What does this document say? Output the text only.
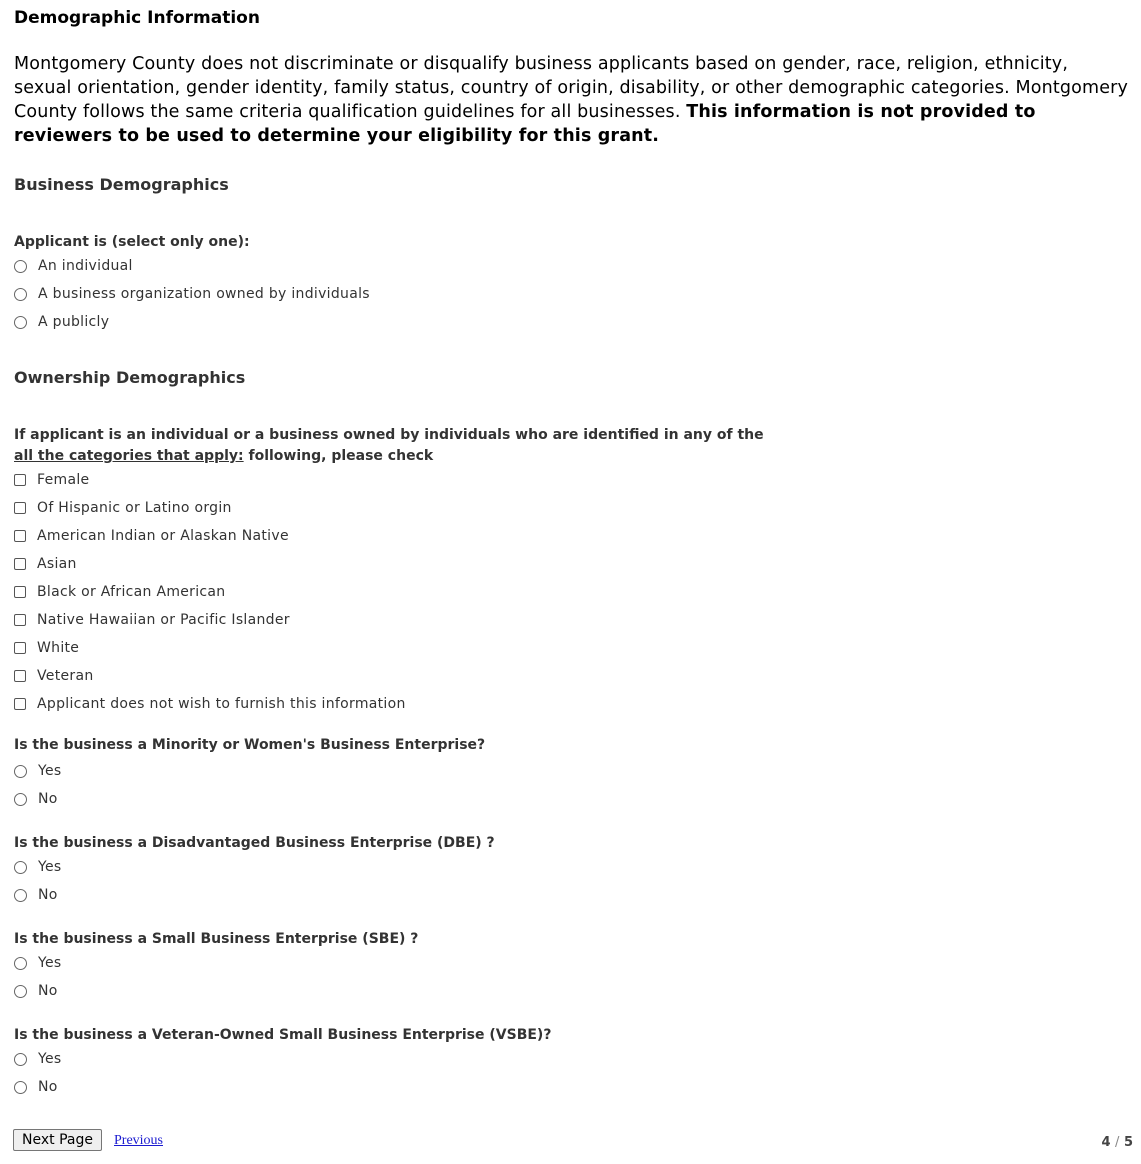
Demographic Information
Montgomery County does not discriminate or disqualify business applicants based on gender, race, religion, ethnicity, sexual orientation, gender identity, family status, country of origin, disability, or other demographic categories. Montgomery County follows the same criteria qualification guidelines for all businesses. This information is not provided to reviewers to be used to determine your eligibility for this grant.
Business Demographics
Applicant is (select only one):
An individual
A business organization owned by individuals
A publicly
Ownership Demographics
If applicant is an individual or a business owned by individuals who are identified in any of the
all the categories that apply: following, please check
Female
Of Hispanic or Latino orgin
American Indian or Alaskan Native
Asian
Black or African American
Native Hawaiian or Pacific Islander
White
Veteran
Applicant does not wish to furnish this information
Is the business a Minority or Women's Business Enterprise?
Yes
No
Is the business a Disadvantaged Business Enterprise (DBE) ?
Yes
No
Is the business a Small Business Enterprise (SBE) ?
Yes
No
Is the business a Veteran-Owned Small Business Enterprise (VSBE)?
Yes
No
Next Page	Previous	4 / 5
